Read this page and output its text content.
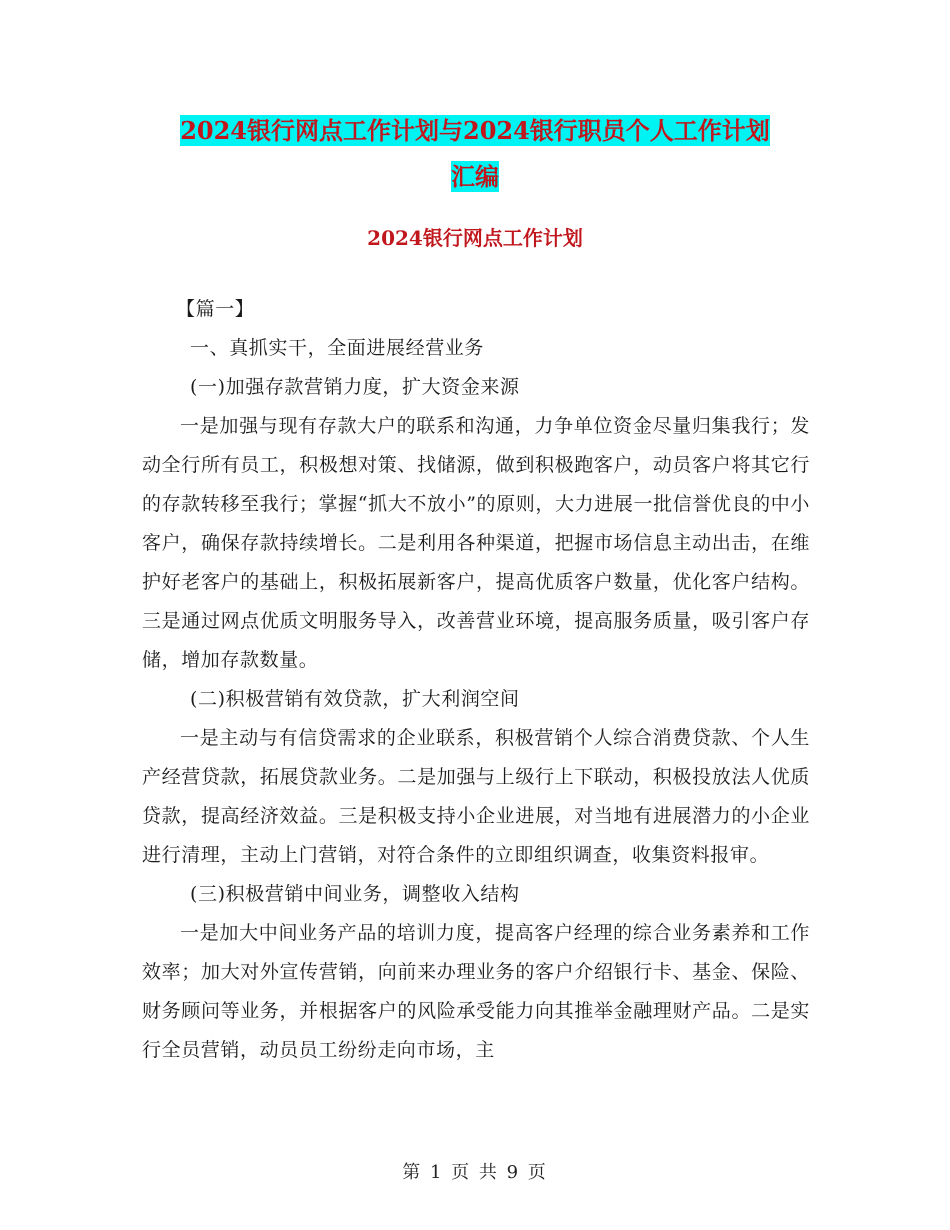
2024银行网点工作计划与2024银行职员个人工作计划
汇编
2024银行网点工作计划

【篇一】

一、真抓实干，全面进展经营业务

(一)加强存款营销力度，扩大资金来源

一是加强与现有存款大户的联系和沟通，力争单位资金尽量归集我行；发动全行所有员工，积极想对策、找储源，做到积极跑客户，动员客户将其它行的存款转移至我行；掌握“抓大不放小”的原则，大力进展一批信誉优良的中小客户，确保存款持续增长。二是利用各种渠道，把握市场信息主动出击，在维护好老客户的基础上，积极拓展新客户，提高优质客户数量，优化客户结构。三是通过网点优质文明服务导入，改善营业环境，提高服务质量，吸引客户存储，增加存款数量。

(二)积极营销有效贷款，扩大利润空间

一是主动与有信贷需求的企业联系，积极营销个人综合消费贷款、个人生产经营贷款，拓展贷款业务。二是加强与上级行上下联动，积极投放法人优质贷款，提高经济效益。三是积极支持小企业进展，对当地有进展潜力的小企业进行清理，主动上门营销，对符合条件的立即组织调查，收集资料报审。

(三)积极营销中间业务，调整收入结构

一是加大中间业务产品的培训力度，提高客户经理的综合业务素养和工作效率；加大对外宣传营销，向前来办理业务的客户介绍银行卡、基金、保险、财务顾问等业务，并根据客户的风险承受能力向其推举金融理财产品。二是实行全员营销，动员员工纷纷走向市场，主

第 1 页 共 9 页
